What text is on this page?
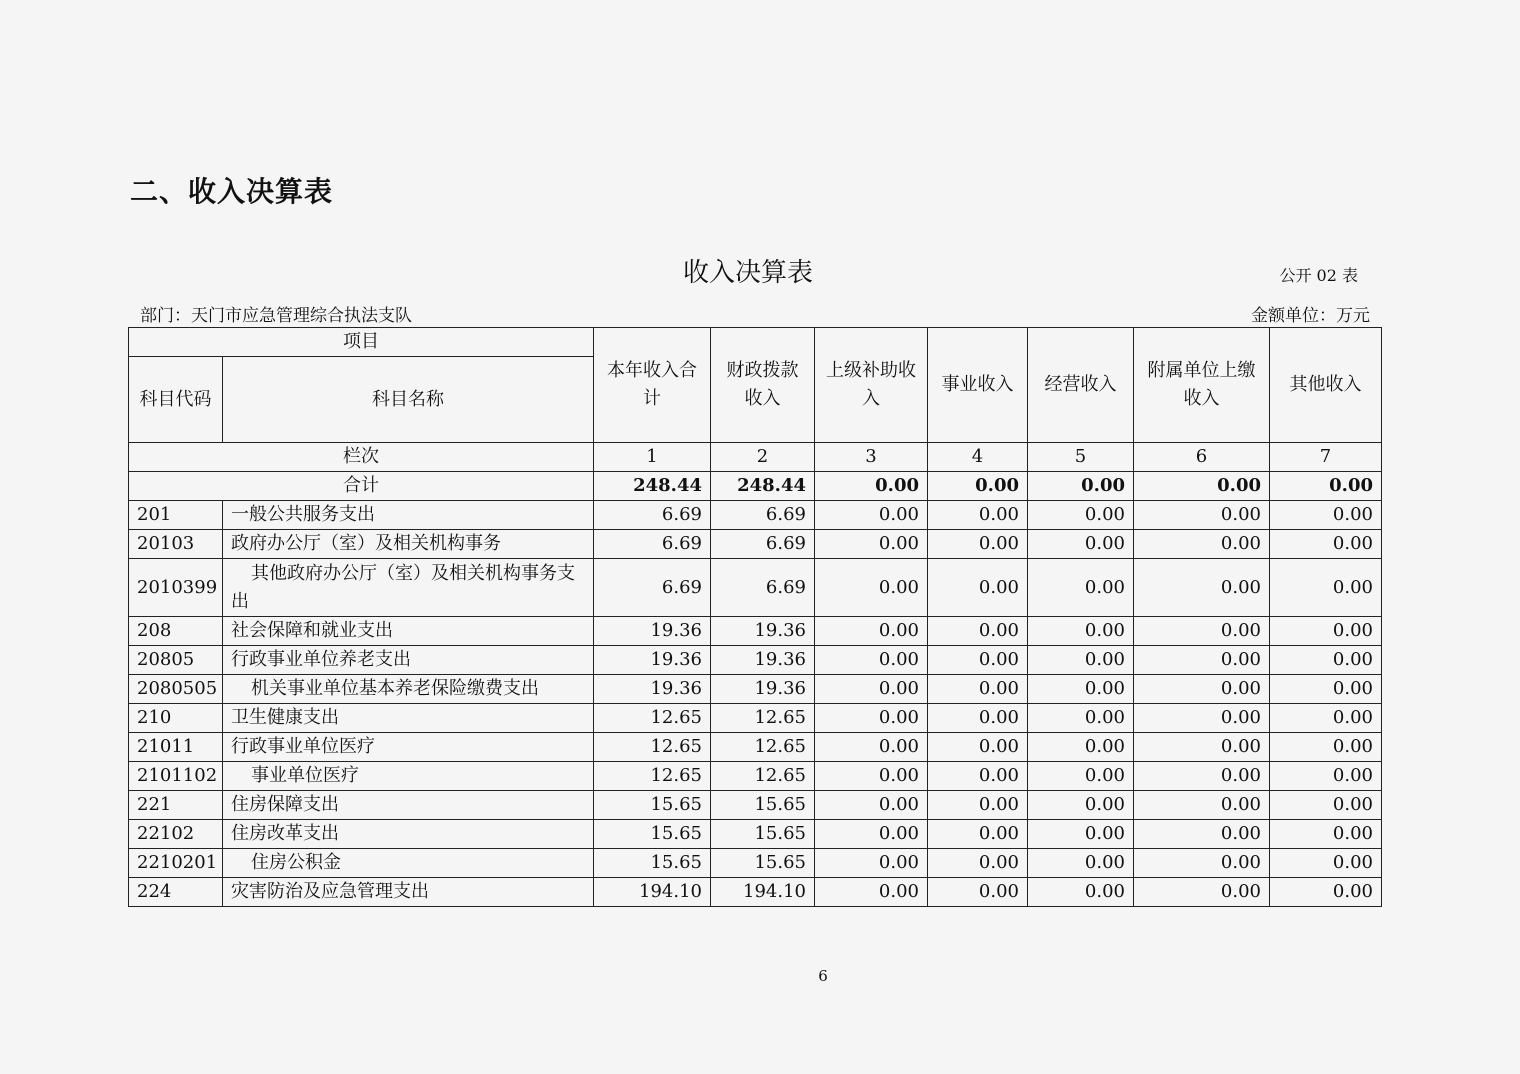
二、收入决算表
收入决算表	公开 02 表
部门：天门市应急管理综合执法支队	金额单位：万元
项目		本年收入合计	财政拨款收入	上级补助收入	事业收入	经营收入	附属单位上缴收入	其他收入
科目代码	科目名称							
栏次		1	2	3	4	5	6	7
合计		248.44	248.44	0.00	0.00	0.00	0.00	0.00
201	一般公共服务支出	6.69	6.69	0.00	0.00	0.00	0.00	0.00
20103	政府办公厅（室）及相关机构事务	6.69	6.69	0.00	0.00	0.00	0.00	0.00
2010399	其他政府办公厅（室）及相关机构事务支出	6.69	6.69	0.00	0.00	0.00	0.00	0.00
208	社会保障和就业支出	19.36	19.36	0.00	0.00	0.00	0.00	0.00
20805	行政事业单位养老支出	19.36	19.36	0.00	0.00	0.00	0.00	0.00
2080505	机关事业单位基本养老保险缴费支出	19.36	19.36	0.00	0.00	0.00	0.00	0.00
210	卫生健康支出	12.65	12.65	0.00	0.00	0.00	0.00	0.00
21011	行政事业单位医疗	12.65	12.65	0.00	0.00	0.00	0.00	0.00
2101102	事业单位医疗	12.65	12.65	0.00	0.00	0.00	0.00	0.00
221	住房保障支出	15.65	15.65	0.00	0.00	0.00	0.00	0.00
22102	住房改革支出	15.65	15.65	0.00	0.00	0.00	0.00	0.00
2210201	住房公积金	15.65	15.65	0.00	0.00	0.00	0.00	0.00
224	灾害防治及应急管理支出	194.10	194.10	0.00	0.00	0.00	0.00	0.00
6
